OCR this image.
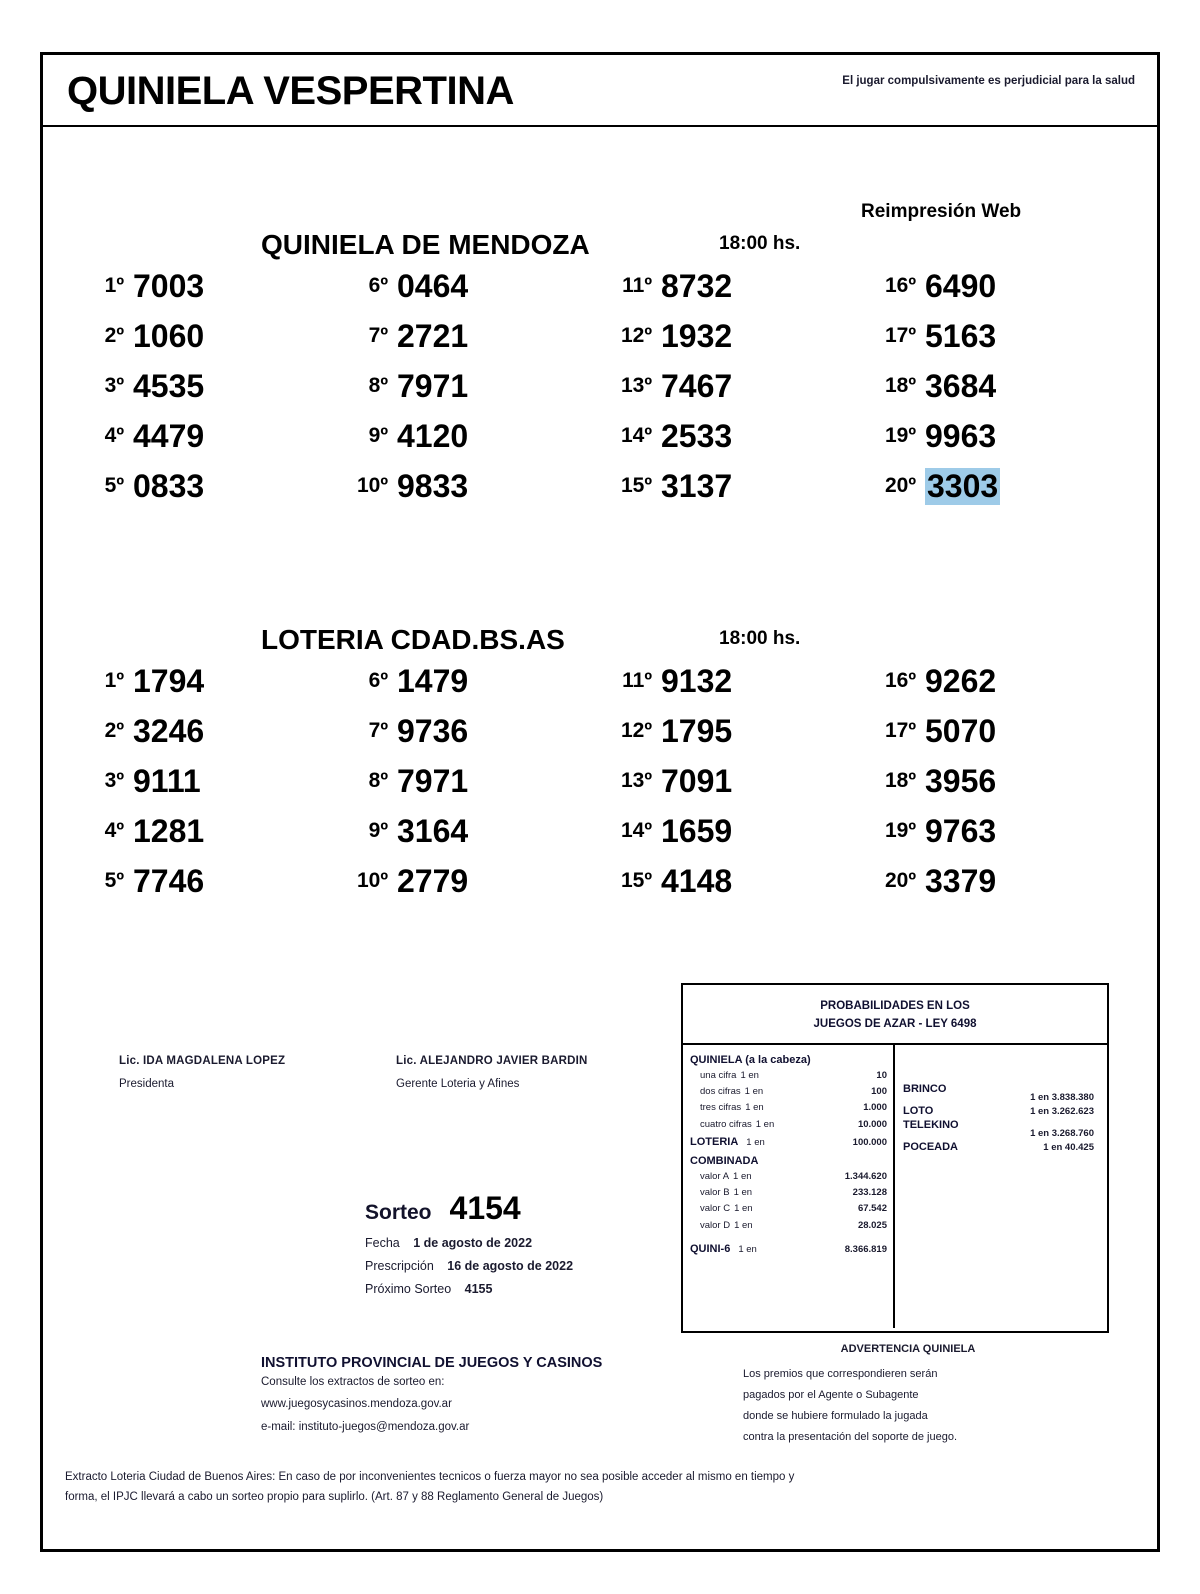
QUINIELA VESPERTINA	El jugar compulsivamente es perjudicial para la salud
QUINIELA DE MENDOZA	18:00 hs.
Reimpresión Web
1º 7003
2º 1060
3º 4535
4º 4479
5º 0833
6º 0464
7º 2721
8º 7971
9º 4120
10º 9833
11º 8732
12º 1932
13º 7467
14º 2533
15º 3137
16º 6490
17º 5163
18º 3684
19º 9963
20º 3303
LOTERIA CDAD.BS.AS	18:00 hs.
1º 1794
2º 3246
3º 9111
4º 1281
5º 7746
6º 1479
7º 9736
8º 7971
9º 3164
10º 2779
11º 9132
12º 1795
13º 7091
14º 1659
15º 4148
16º 9262
17º 5070
18º 3956
19º 9763
20º 3379
Lic. IDA MAGDALENA LOPEZ
Presidenta
Lic. ALEJANDRO JAVIER BARDIN
Gerente Loteria y Afines
Sorteo 4154
Fecha 1 de agosto de 2022
Prescripción 16 de agosto de 2022
Próximo Sorteo 4155
PROBABILIDADES EN LOS
JUEGOS DE AZAR - LEY 6498
QUINIELA (a la cabeza)
una cifra 1 en	10
dos cifras 1 en	100
tres cifras 1 en	1.000
cuatro cifras 1 en	10.000
LOTERIA 1 en	100.000
COMBINADA
valor A 1 en	1.344.620
valor B 1 en	233.128
valor C 1 en	67.542
valor D 1 en	28.025
QUINI-6 1 en	8.366.819
BRINCO
1 en 3.838.380
LOTO	1 en 3.262.623
TELEKINO
1 en 3.268.760
POCEADA	1 en 40.425
ADVERTENCIA QUINIELA
Los premios que correspondieren serán
pagados por el Agente o Subagente
donde se hubiere formulado la jugada
contra la presentación del soporte de juego.
INSTITUTO PROVINCIAL DE JUEGOS Y CASINOS
Consulte los extractos de sorteo en:
www.juegosycasinos.mendoza.gov.ar
e-mail: instituto-juegos@mendoza.gov.ar
Extracto Loteria Ciudad de Buenos Aires: En caso de por inconvenientes tecnicos o fuerza mayor no sea posible acceder al mismo en tiempo y
forma, el IPJC llevará a cabo un sorteo propio para suplirlo. (Art. 87 y 88 Reglamento General de Juegos)
